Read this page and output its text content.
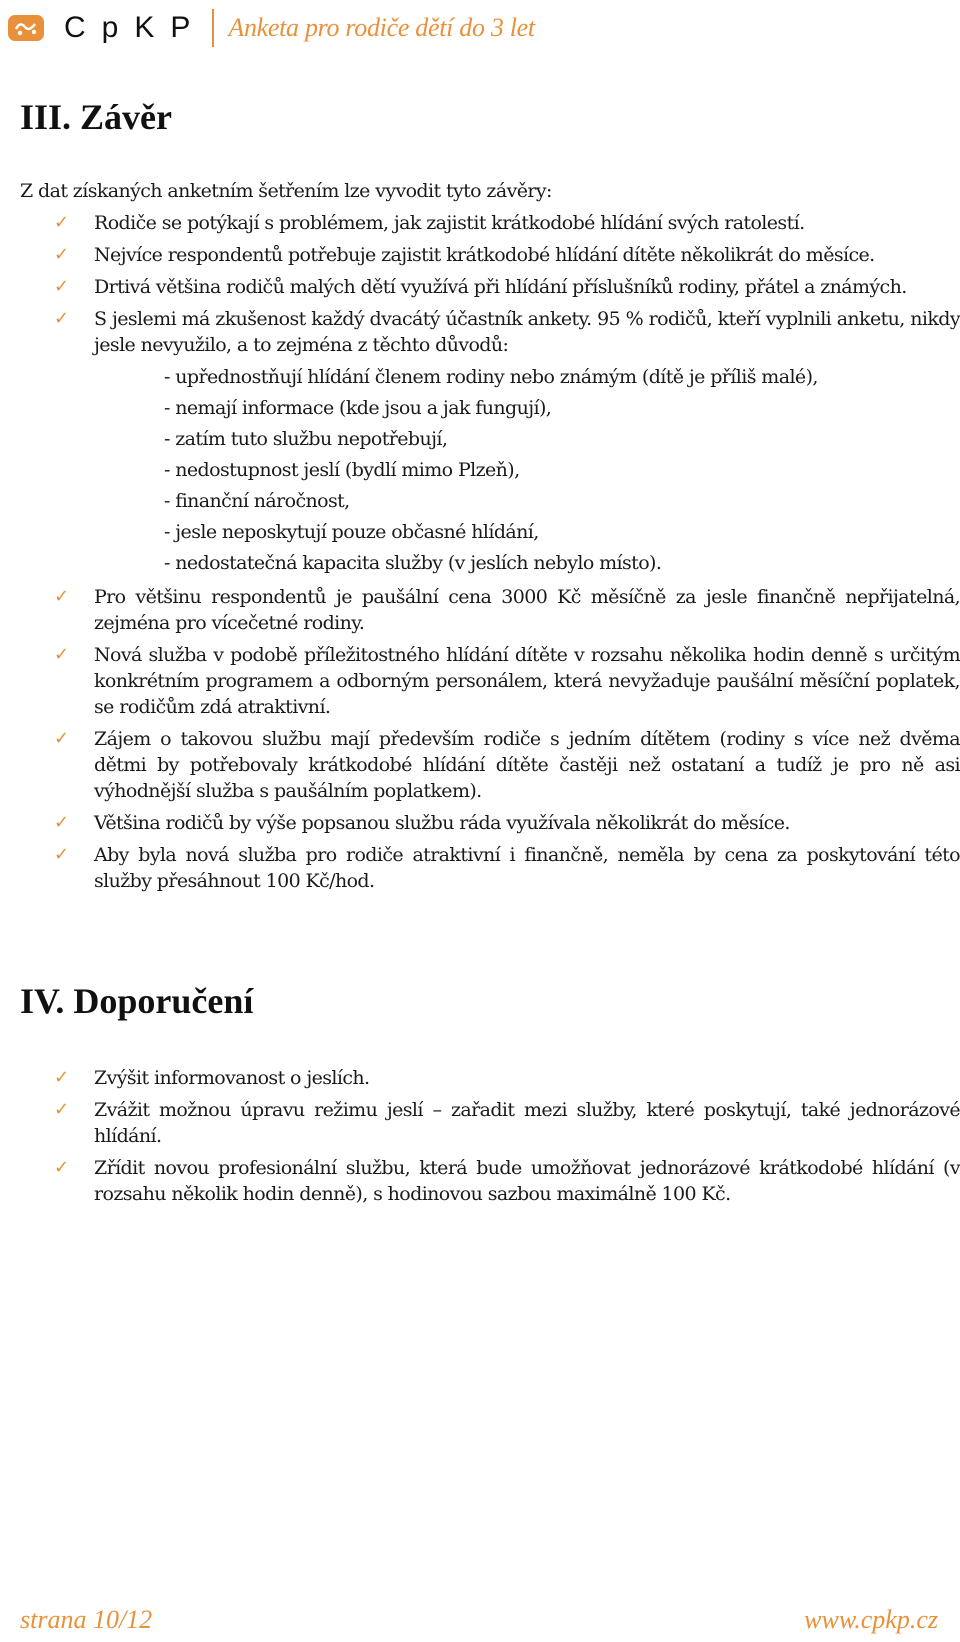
CpKP Anketa pro rodiče dětí do 3 let
III. Závěr
Z dat získaných anketním šetřením lze vyvodit tyto závěry:
✓ Rodiče se potýkají s problémem, jak zajistit krátkodobé hlídání svých ratolestí.
✓ Nejvíce respondentů potřebuje zajistit krátkodobé hlídání dítěte několikrát do měsíce.
✓ Drtivá většina rodičů malých dětí využívá při hlídání příslušníků rodiny, přátel a známých.
✓ S jeslemi má zkušenost každý dvacátý účastník ankety. 95 % rodičů, kteří vyplnili anketu, nikdy jesle nevyužilo, a to zejména z těchto důvodů:
- upřednostňují hlídání členem rodiny nebo známým (dítě je příliš malé),
- nemají informace (kde jsou a jak fungují),
- zatím tuto službu nepotřebují,
- nedostupnost jeslí (bydlí mimo Plzeň),
- finanční náročnost,
- jesle neposkytují pouze občasné hlídání,
- nedostatečná kapacita služby (v jeslích nebylo místo).
✓ Pro většinu respondentů je paušální cena 3000 Kč měsíčně za jesle finančně nepřijatelná, zejména pro vícečetné rodiny.
✓ Nová služba v podobě příležitostného hlídání dítěte v rozsahu několika hodin denně s určitým konkrétním programem a odborným personálem, která nevyžaduje paušální měsíční poplatek, se rodičům zdá atraktivní.
✓ Zájem o takovou službu mají především rodiče s jedním dítětem (rodiny s více než dvěma dětmi by potřebovaly krátkodobé hlídání dítěte častěji než ostataní a tudíž je pro ně asi výhodnější služba s paušálním poplatkem).
✓ Většina rodičů by výše popsanou službu ráda využívala několikrát do měsíce.
✓ Aby byla nová služba pro rodiče atraktivní i finančně, neměla by cena za poskytování této služby přesáhnout 100 Kč/hod.
IV. Doporučení
✓ Zvýšit informovanost o jeslích.
✓ Zvážit možnou úpravu režimu jeslí – zařadit mezi služby, které poskytují, také jednorázové hlídání.
✓ Zřídit novou profesionální službu, která bude umožňovat jednorázové krátkodobé hlídání (v rozsahu několik hodin denně), s hodinovou sazbou maximálně 100 Kč.
strana 10/12	www.cpkp.cz
